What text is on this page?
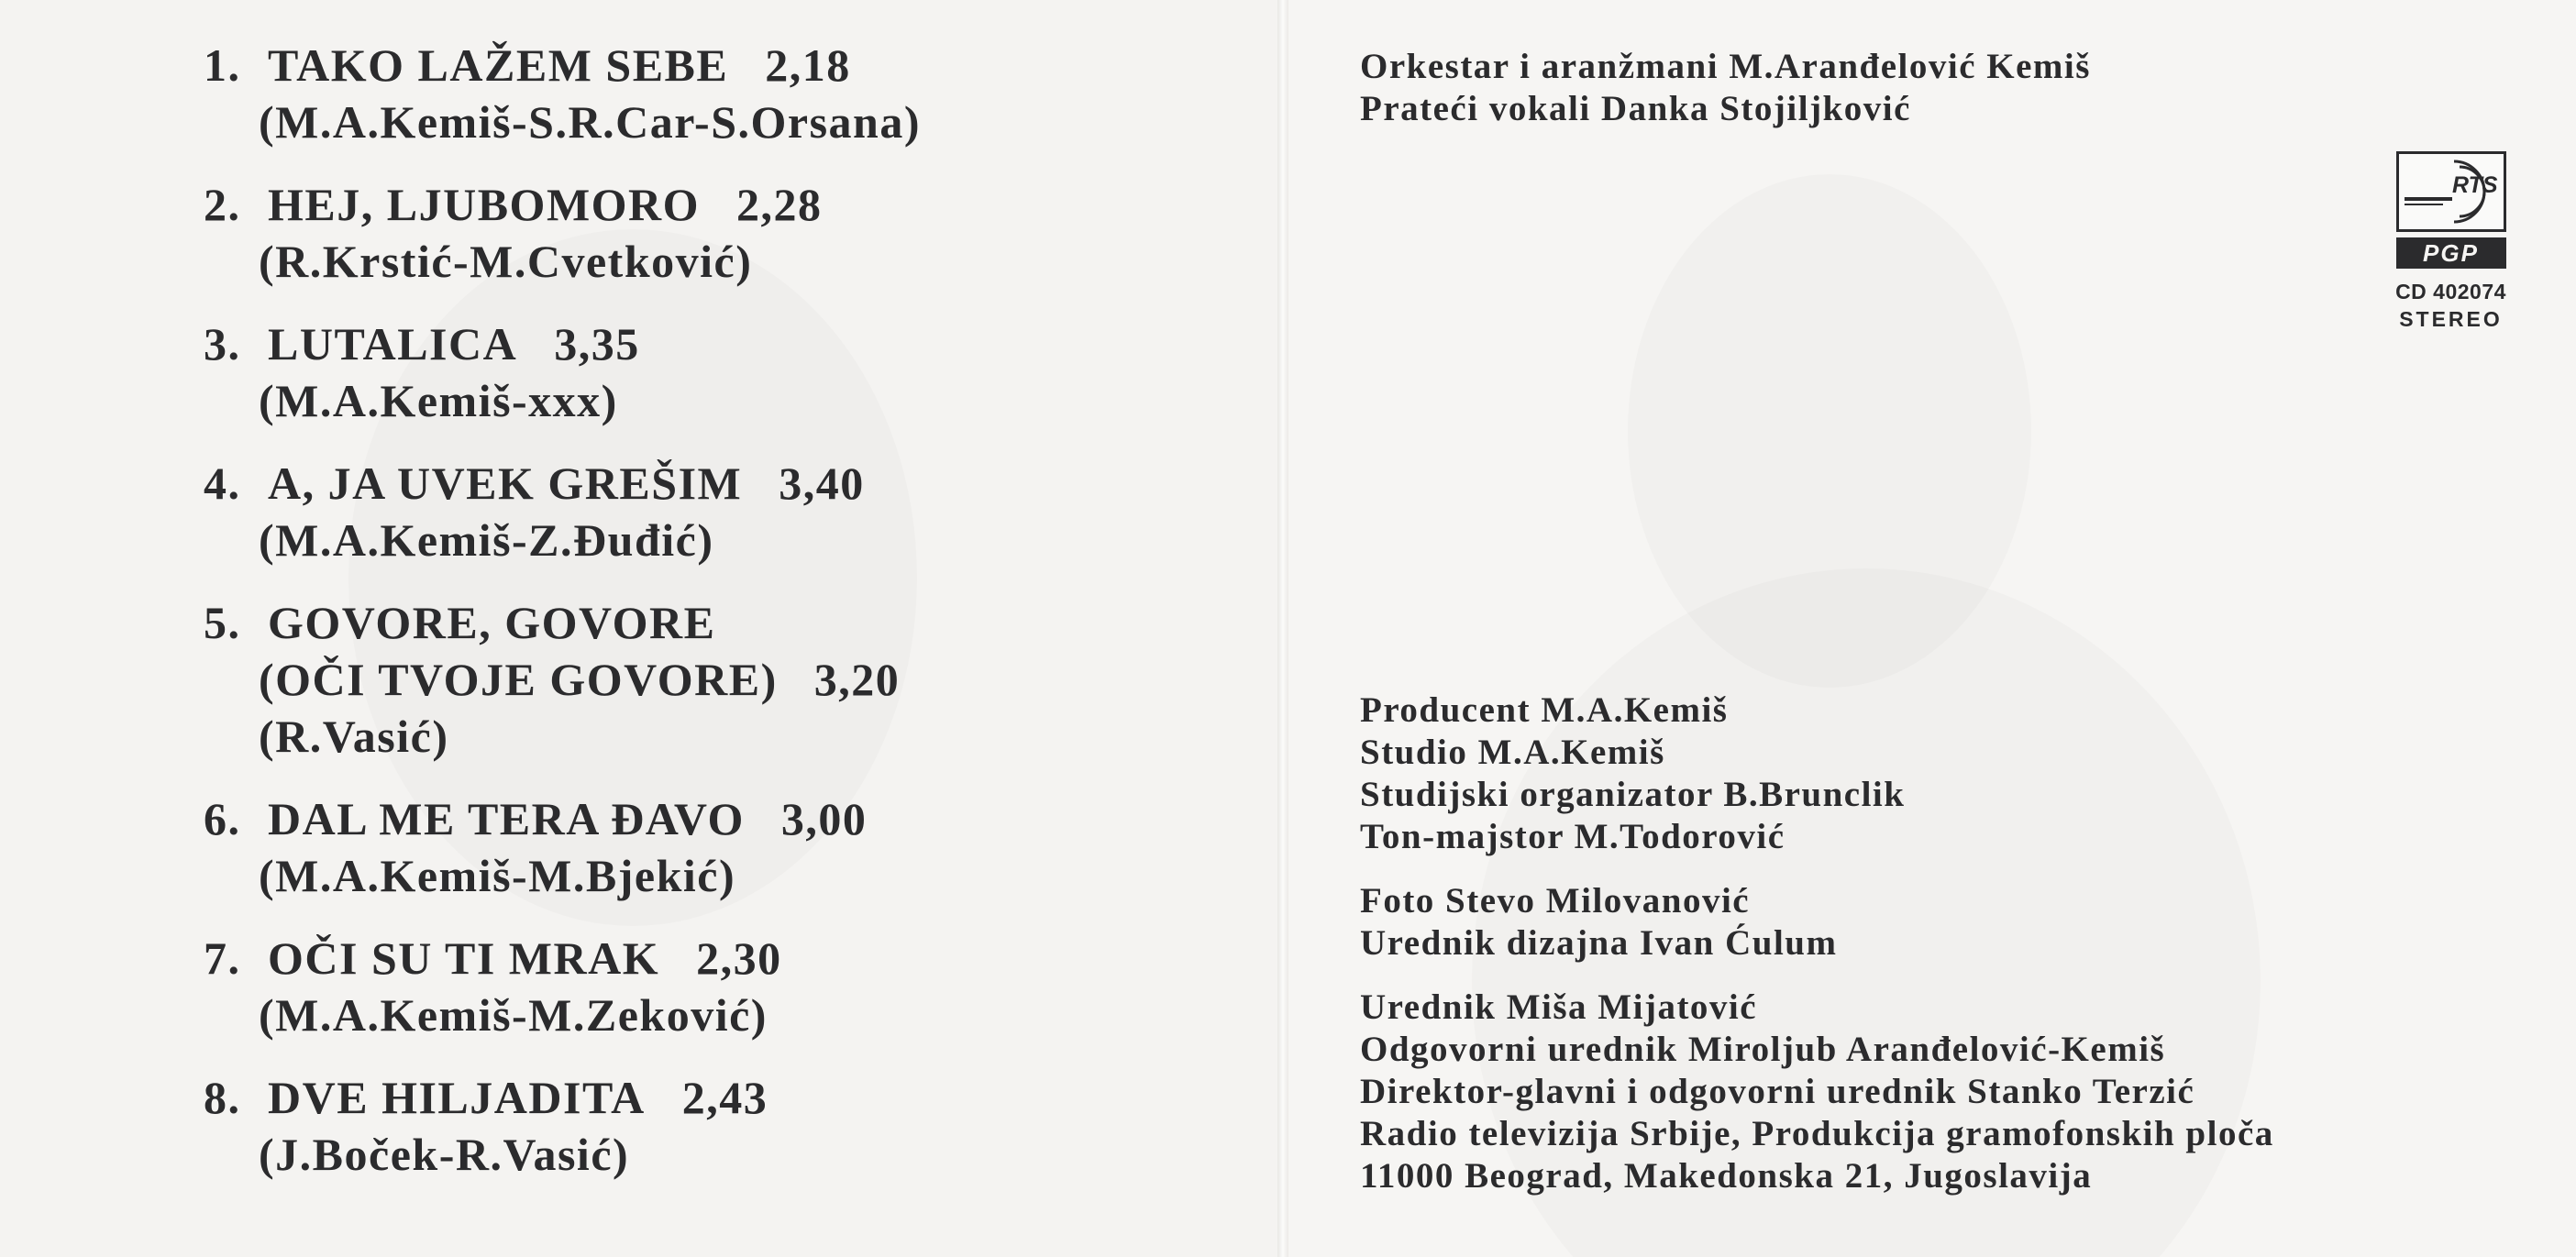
1. TAKO LAŽEM SEBE 2,18
(M.A.Kemiš-S.R.Car-S.Orsana)
2. HEJ, LJUBOMORO 2,28
(R.Krstić-M.Cvetković)
3. LUTALICA 3,35
(M.A.Kemiš-xxx)
4. A, JA UVEK GREŠIM 3,40
(M.A.Kemiš-Z.Đuđić)
5. GOVORE, GOVORE
(OČI TVOJE GOVORE) 3,20
(R.Vasić)
6. DAL ME TERA ĐAVO 3,00
(M.A.Kemiš-M.Bjekić)
7. OČI SU TI MRAK 2,30
(M.A.Kemiš-M.Zeković)
8. DVE HILJADITA 2,43
(J.Boček-R.Vasić)
Orkestar i aranžmani M.Aranđelović Kemiš
Prateći vokali Danka Stojiljković
Producent M.A.Kemiš
Studio M.A.Kemiš
Studijski organizator B.Brunclik
Ton-majstor M.Todorović
Foto Stevo Milovanović
Urednik dizajna Ivan Ćulum
Urednik Miša Mijatović
Odgovorni urednik Miroljub Aranđelović-Kemiš
Direktor-glavni i odgovorni urednik Stanko Terzić
Radio televizija Srbije, Produkcija gramofonskih ploča
11000 Beograd, Makedonska 21, Jugoslavija
RTS
PGP
CD 402074
STEREO
